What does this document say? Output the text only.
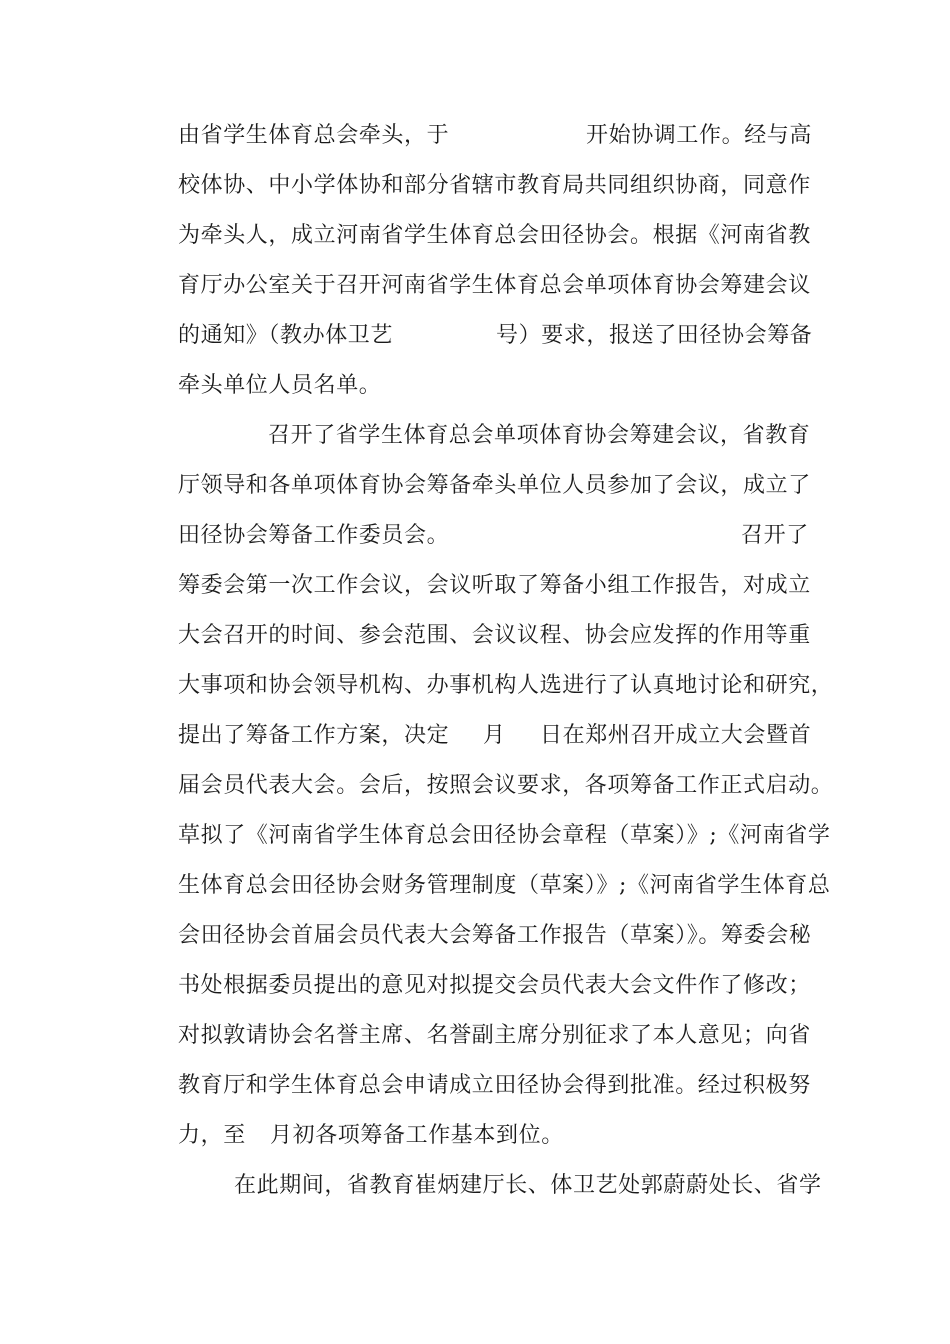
由省学生体育总会牵头，于	开始协调工作。经与高
校体协、中小学体协和部分省辖市教育局共同组织协商，同意作
为牵头人，成立河南省学生体育总会田径协会。根据《河南省教
育厅办公室关于召开河南省学生体育总会单项体育协会筹建会议
的通知》（教办体卫艺	号）要求，报送了田径协会筹备
牵头单位人员名单。
召开了省学生体育总会单项体育协会筹建会议，省教育
厅领导和各单项体育协会筹备牵头单位人员参加了会议，成立了
田径协会筹备工作委员会。	召开了
筹委会第一次工作会议，会议听取了筹备小组工作报告，对成立
大会召开的时间、参会范围、会议议程、协会应发挥的作用等重
大事项和协会领导机构、办事机构人选进行了认真地讨论和研究，
提出了筹备工作方案，决定 月 日在郑州召开成立大会暨首
届会员代表大会。会后，按照会议要求，各项筹备工作正式启动。
草拟了《河南省学生体育总会田径协会章程（草案）》;《河南省学
生体育总会田径协会财务管理制度（草案）》;《河南省学生体育总
会田径协会首届会员代表大会筹备工作报告（草案）》。筹委会秘
书处根据委员提出的意见对拟提交会员代表大会文件作了修改；
对拟敦请协会名誉主席、名誉副主席分别征求了本人意见；向省
教育厅和学生体育总会申请成立田径协会得到批准。经过积极努
力，至 月初各项筹备工作基本到位。
在此期间，省教育崔炳建厅长、体卫艺处郭蔚蔚处长、省学
